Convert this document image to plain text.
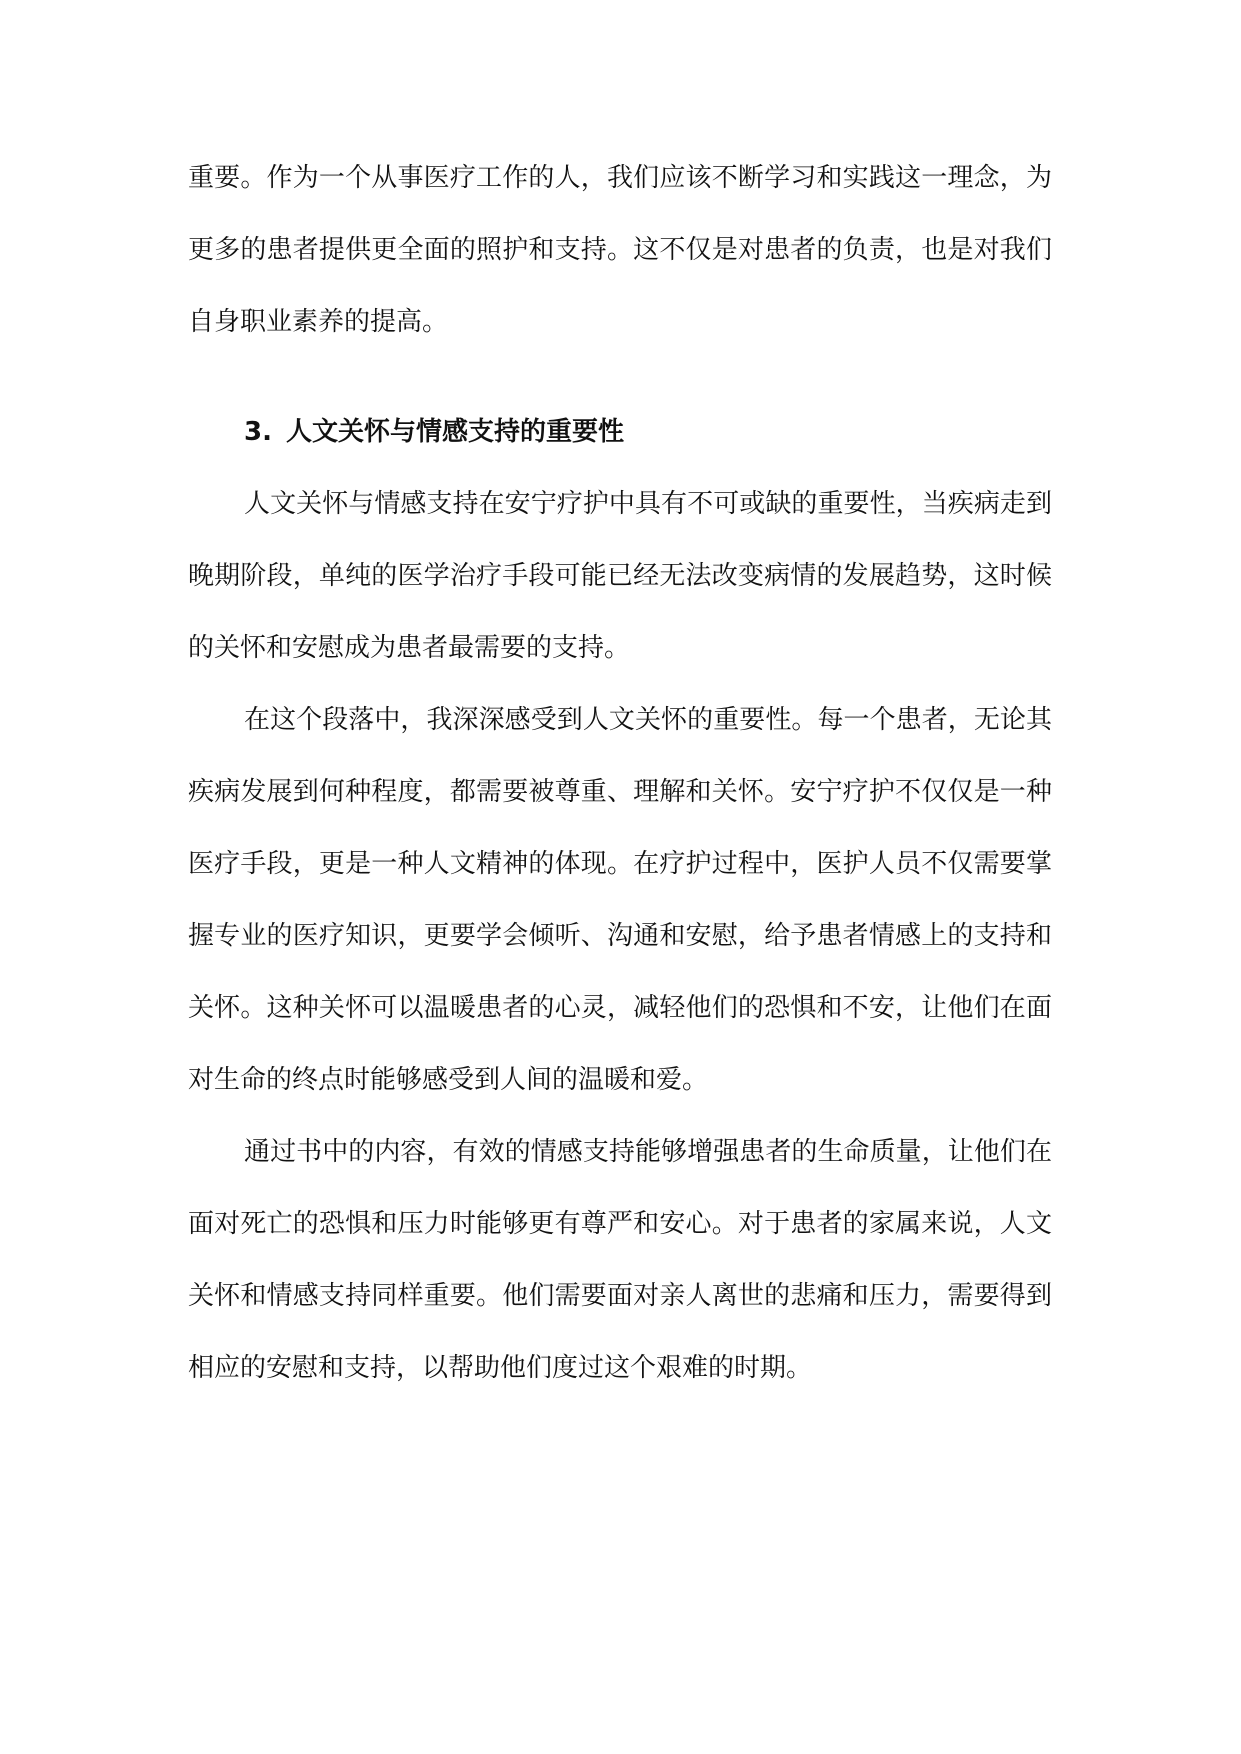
重要。作为一个从事医疗工作的人，我们应该不断学习和实践这一理念，为更多的患者提供更全面的照护和支持。这不仅是对患者的负责，也是对我们自身职业素养的提高。

3. 人文关怀与情感支持的重要性

人文关怀与情感支持在安宁疗护中具有不可或缺的重要性，当疾病走到晚期阶段，单纯的医学治疗手段可能已经无法改变病情的发展趋势，这时候的关怀和安慰成为患者最需要的支持。

在这个段落中，我深深感受到人文关怀的重要性。每一个患者，无论其疾病发展到何种程度，都需要被尊重、理解和关怀。安宁疗护不仅仅是一种医疗手段，更是一种人文精神的体现。在疗护过程中，医护人员不仅需要掌握专业的医疗知识，更要学会倾听、沟通和安慰，给予患者情感上的支持和关怀。这种关怀可以温暖患者的心灵，减轻他们的恐惧和不安，让他们在面对生命的终点时能够感受到人间的温暖和爱。

通过书中的内容，有效的情感支持能够增强患者的生命质量，让他们在面对死亡的恐惧和压力时能够更有尊严和安心。对于患者的家属来说，人文关怀和情感支持同样重要。他们需要面对亲人离世的悲痛和压力，需要得到相应的安慰和支持，以帮助他们度过这个艰难的时期。
